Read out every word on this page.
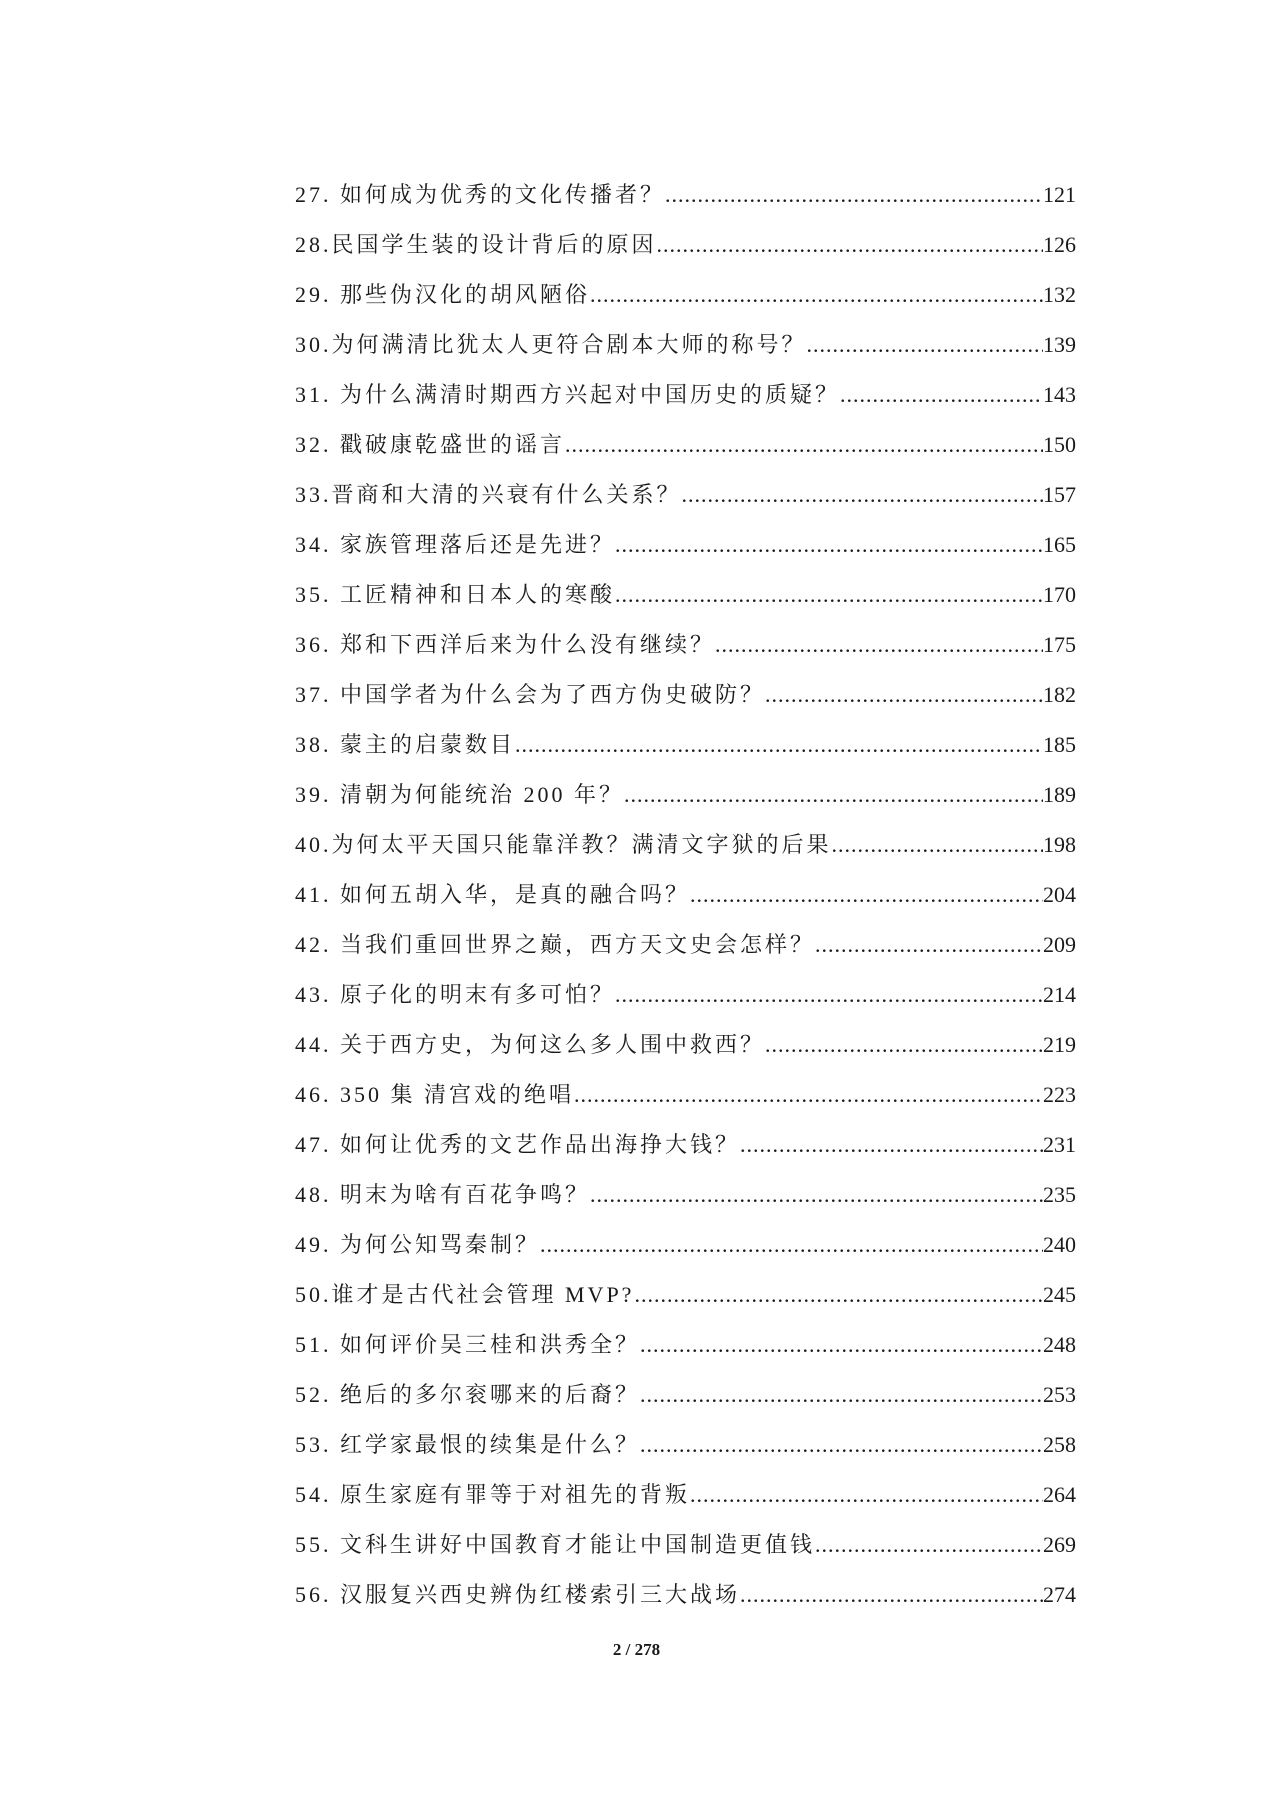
27. 如何成为优秀的文化传播者？ .....	121
28.民国学生装的设计背后的原因 .....	126
29. 那些伪汉化的胡风陋俗 .....	132
30.为何满清比犹太人更符合剧本大师的称号？ .....	139
31. 为什么满清时期西方兴起对中国历史的质疑？ .....	143
32. 戳破康乾盛世的谣言 .....	150
33.晋商和大清的兴衰有什么关系？ .....	157
34. 家族管理落后还是先进？ .....	165
35. 工匠精神和日本人的寒酸 .....	170
36. 郑和下西洋后来为什么没有继续？ .....	175
37. 中国学者为什么会为了西方伪史破防？ .....	182
38. 蒙主的启蒙数目 .....	185
39. 清朝为何能统治 200 年？ .....	189
40.为何太平天国只能靠洋教？满清文字狱的后果 .....	198
41. 如何五胡入华，是真的融合吗？ .....	204
42. 当我们重回世界之巅，西方天文史会怎样？ .....	209
43. 原子化的明末有多可怕？ .....	214
44. 关于西方史，为何这么多人围中救西？ .....	219
46. 350 集 清宫戏的绝唱 .....	223
47. 如何让优秀的文艺作品出海挣大钱？ .....	231
48. 明末为啥有百花争鸣？ .....	235
49. 为何公知骂秦制？ .....	240
50.谁才是古代社会管理 MVP? .....	245
51. 如何评价吴三桂和洪秀全？ .....	248
52. 绝后的多尔衮哪来的后裔？ .....	253
53. 红学家最恨的续集是什么？ .....	258
54. 原生家庭有罪等于对祖先的背叛 .....	264
55. 文科生讲好中国教育才能让中国制造更值钱 .....	269
56. 汉服复兴西史辨伪红楼索引三大战场 .....	274
2 / 278
